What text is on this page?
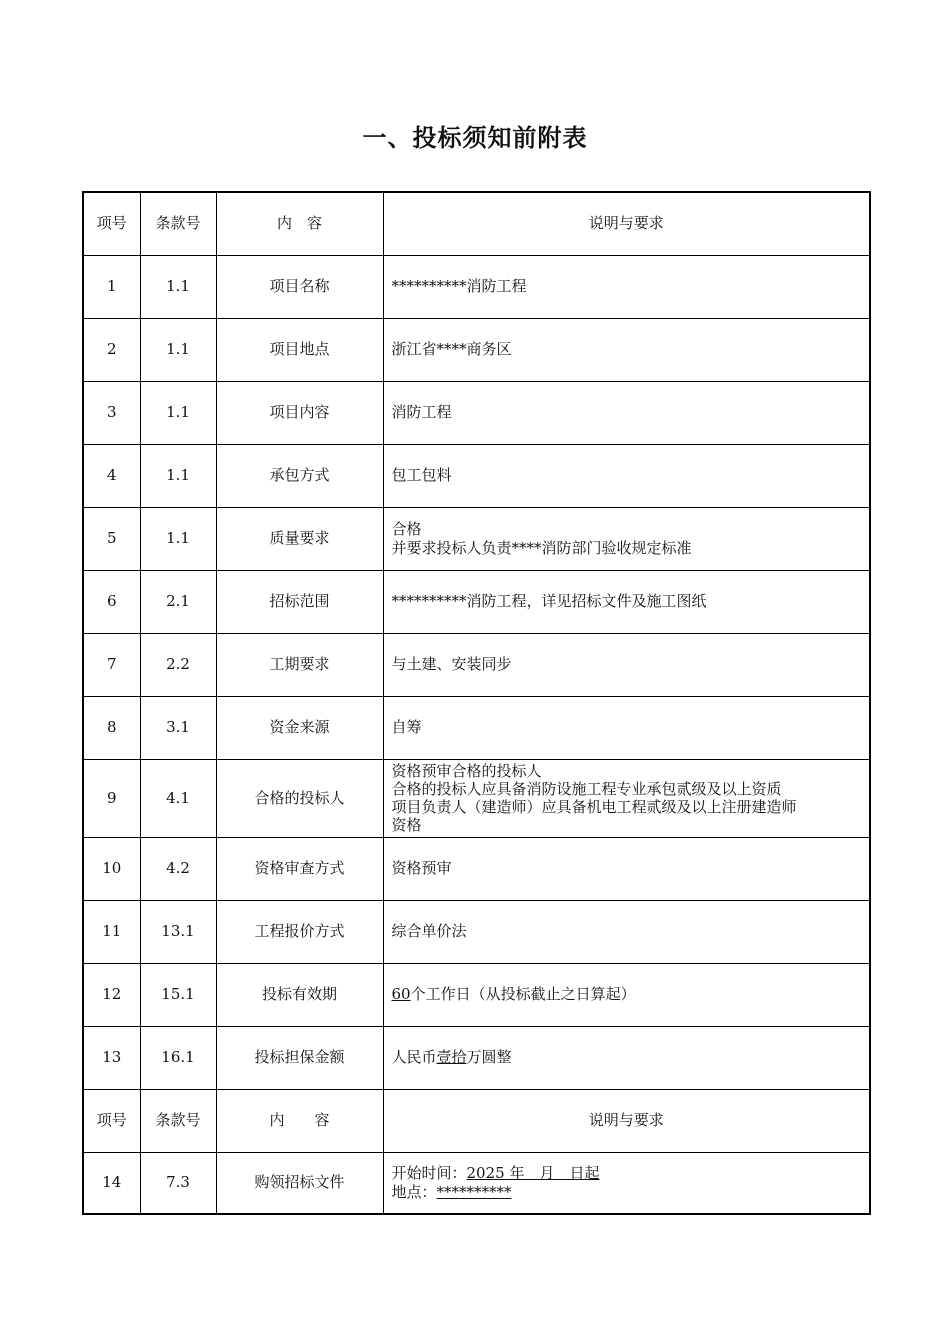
一、投标须知前附表
项号	条款号	内　容	说明与要求
1	1.1	项目名称	**********消防工程
2	1.1	项目地点	浙江省****商务区
3	1.1	项目内容	消防工程
4	1.1	承包方式	包工包料
5	1.1	质量要求	合格
并要求投标人负责****消防部门验收规定标准

6	2.1	招标范围	**********消防工程，详见招标文件及施工图纸
7	2.2	工期要求	与土建、安装同步
8	3.1	资金来源	自筹
9	4.1	合格的投标人	资格预审合格的投标人
合格的投标人应具备消防设施工程专业承包贰级及以上资质
项目负责人（建造师）应具备机电工程贰级及以上注册建造师
资格

10	4.2	资格审查方式	资格预审
11	13.1	工程报价方式	综合单价法
12	15.1	投标有效期	60个工作日（从投标截止之日算起）
13	16.1	投标担保金额	人民币壹拾万圆整
项号	条款号	内　　容	说明与要求
14	7.3	购领招标文件	开始时间：2025 年　月　日起
地点：**********
